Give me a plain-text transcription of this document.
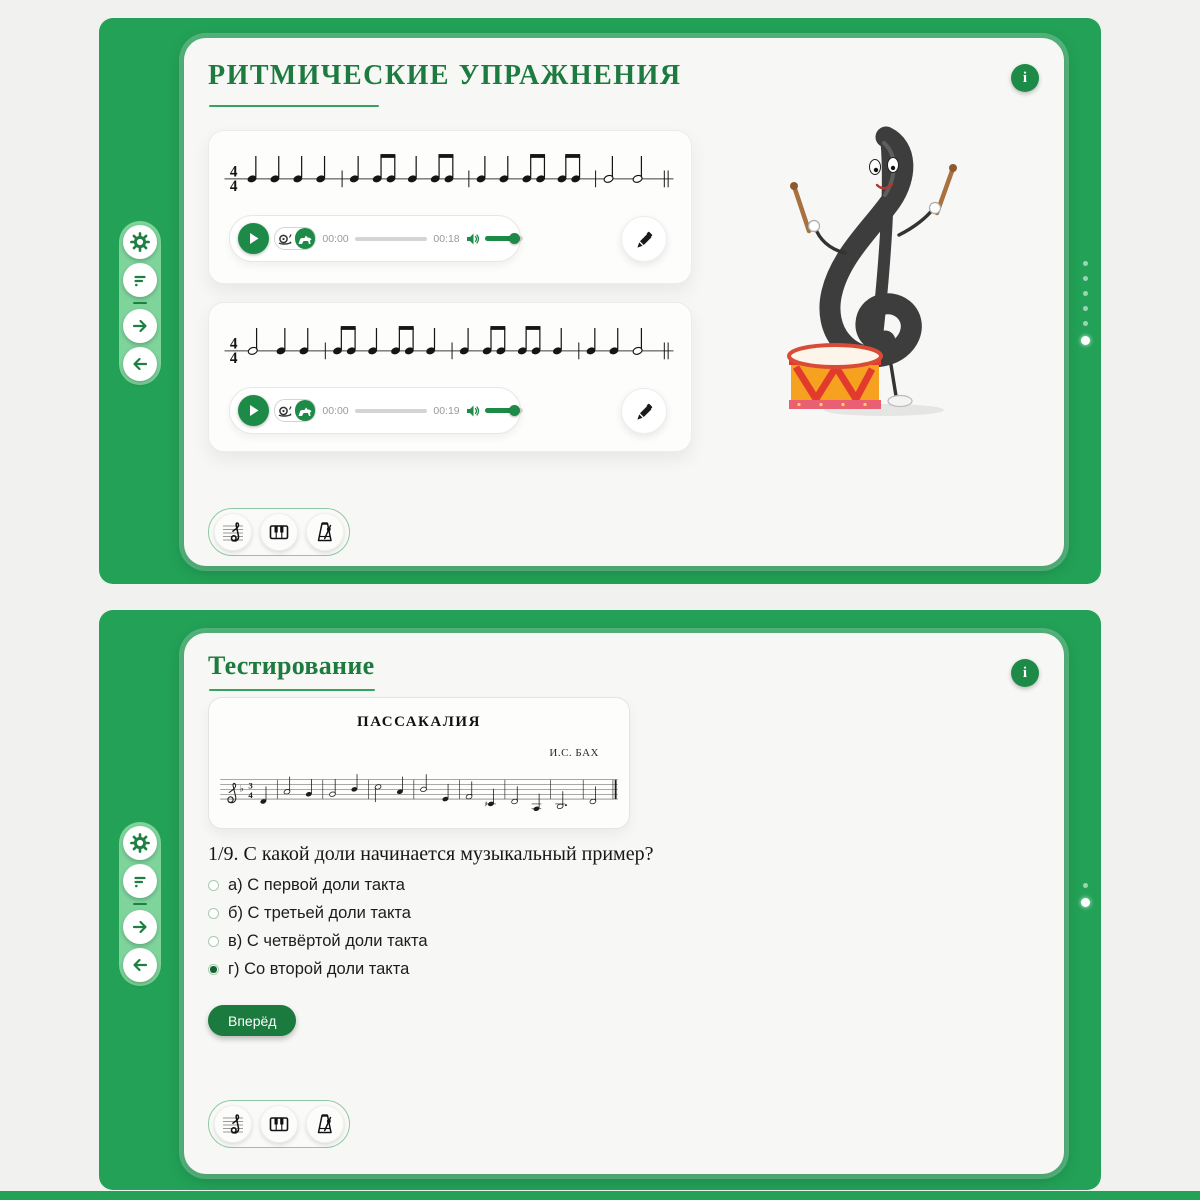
РИТМИЧЕСКИЕ УПРАЖНЕНИЯ	i
4
4
00:00	00:18
4
4
00:00	00:19
Тестирование	i

ПАССАКАЛИЯ

И.С. БАХ
♭ 3
4
♯

1/9. С какой доли начинается музыкальный пример?

а) С первой доли такта
б) С третьей доли такта
в) С четвёртой доли такта
г) Со второй доли такта
Вперёд
